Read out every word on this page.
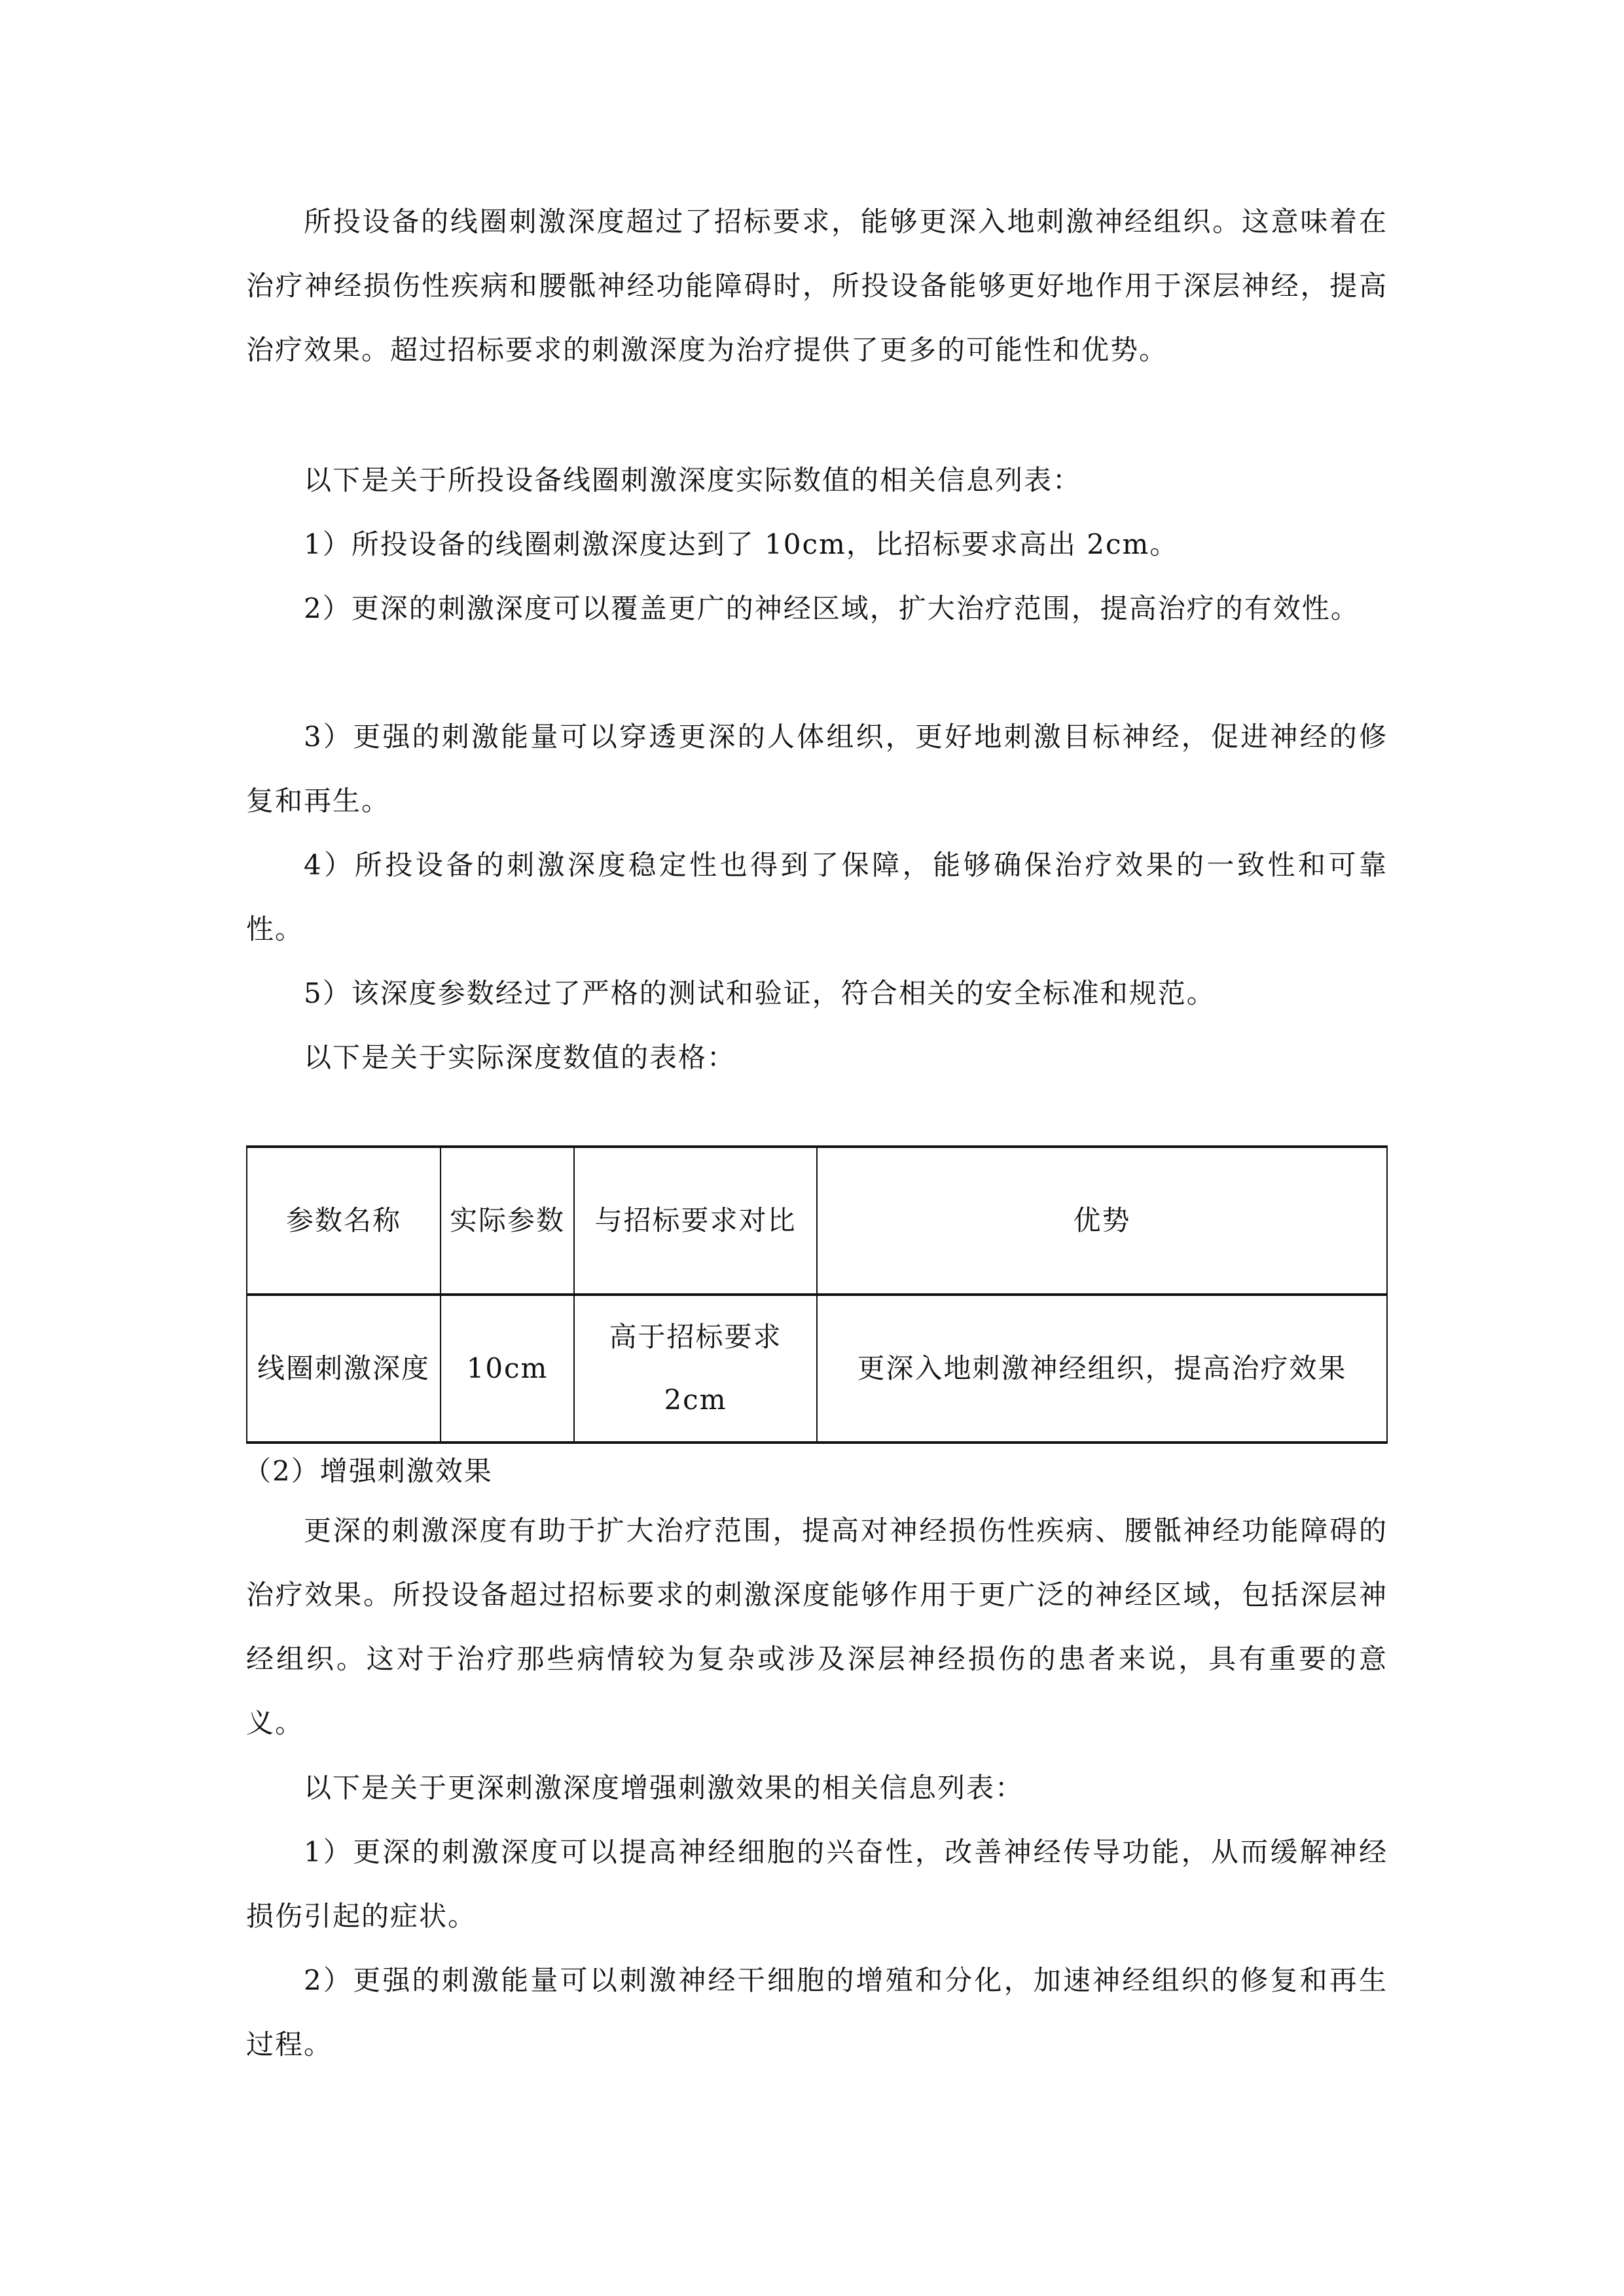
所投设备的线圈刺激深度超过了招标要求，能够更深入地刺激神经组织。这意味着在治疗神经损伤性疾病和腰骶神经功能障碍时，所投设备能够更好地作用于深层神经，提高治疗效果。超过招标要求的刺激深度为治疗提供了更多的可能性和优势。

以下是关于所投设备线圈刺激深度实际数值的相关信息列表：

1）所投设备的线圈刺激深度达到了 10cm，比招标要求高出 2cm。

2）更深的刺激深度可以覆盖更广的神经区域，扩大治疗范围，提高治疗的有效性。

3）更强的刺激能量可以穿透更深的人体组织，更好地刺激目标神经，促进神经的修复和再生。

4）所投设备的刺激深度稳定性也得到了保障，能够确保治疗效果的一致性和可靠性。

5）该深度参数经过了严格的测试和验证，符合相关的安全标准和规范。

以下是关于实际深度数值的表格：

参数名称	实际参数	与招标要求对比	优势
线圈刺激深度	10cm	高于招标要求 2cm	更深入地刺激神经组织，提高治疗效果

（2）增强刺激效果

更深的刺激深度有助于扩大治疗范围，提高对神经损伤性疾病、腰骶神经功能障碍的治疗效果。所投设备超过招标要求的刺激深度能够作用于更广泛的神经区域，包括深层神经组织。这对于治疗那些病情较为复杂或涉及深层神经损伤的患者来说，具有重要的意义。

以下是关于更深刺激深度增强刺激效果的相关信息列表：

1）更深的刺激深度可以提高神经细胞的兴奋性，改善神经传导功能，从而缓解神经损伤引起的症状。

2）更强的刺激能量可以刺激神经干细胞的增殖和分化，加速神经组织的修复和再生过程。
